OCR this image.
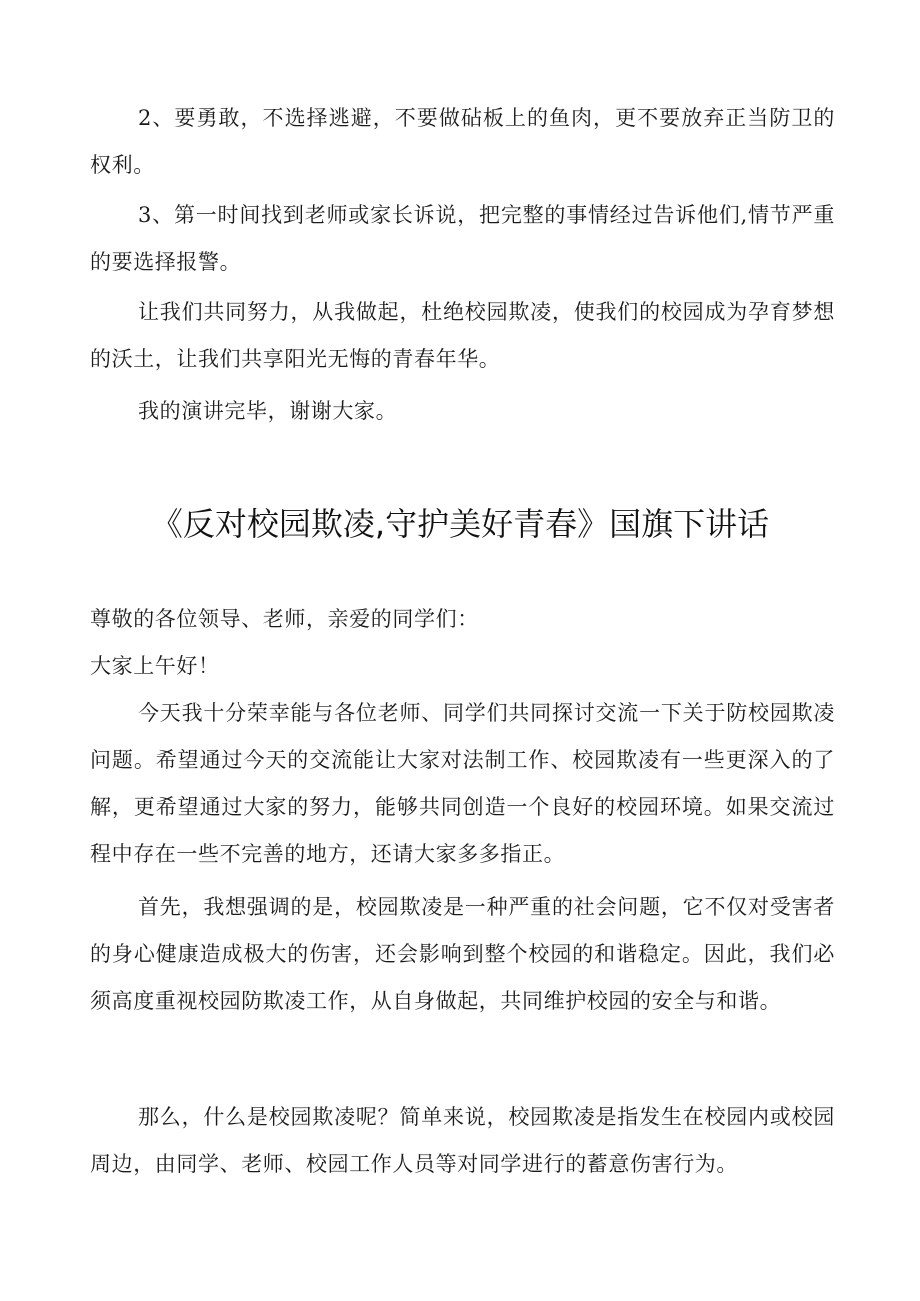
2、要勇敢，不选择逃避，不要做砧板上的鱼肉，更不要放弃正当防卫的权利。

3、第一时间找到老师或家长诉说，把完整的事情经过告诉他们,情节严重的要选择报警。

让我们共同努力，从我做起，杜绝校园欺凌，使我们的校园成为孕育梦想的沃土，让我们共享阳光无悔的青春年华。

我的演讲完毕，谢谢大家。

《反对校园欺凌,守护美好青春》国旗下讲话

尊敬的各位领导、老师，亲爱的同学们：

大家上午好！

今天我十分荣幸能与各位老师、同学们共同探讨交流一下关于防校园欺凌问题。希望通过今天的交流能让大家对法制工作、校园欺凌有一些更深入的了解，更希望通过大家的努力，能够共同创造一个良好的校园环境。如果交流过程中存在一些不完善的地方，还请大家多多指正。

首先，我想强调的是，校园欺凌是一种严重的社会问题，它不仅对受害者的身心健康造成极大的伤害，还会影响到整个校园的和谐稳定。因此，我们必须高度重视校园防欺凌工作，从自身做起，共同维护校园的安全与和谐。

那么，什么是校园欺凌呢？简单来说，校园欺凌是指发生在校园内或校园周边，由同学、老师、校园工作人员等对同学进行的蓄意伤害行为。
